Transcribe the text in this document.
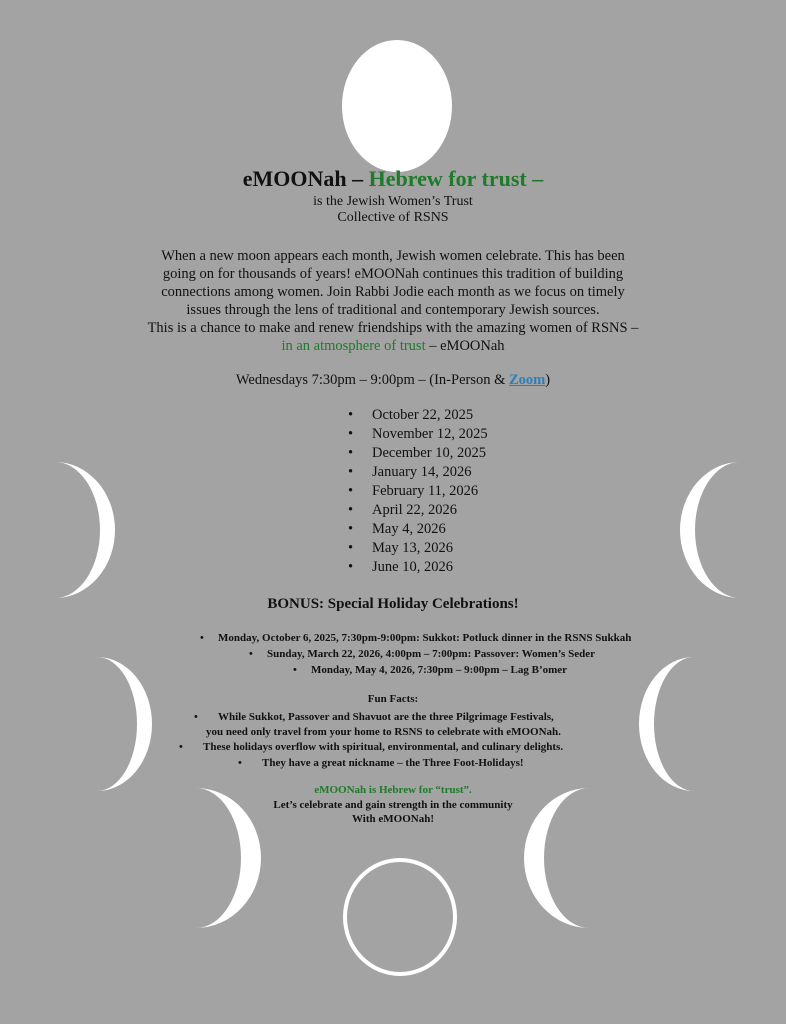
eMOONah – Hebrew for trust –

is the Jewish Women’s Trust
Collective of RSNS
When a new moon appears each month, Jewish women celebrate. This has been
going on for thousands of years! eMOONah continues this tradition of building
connections among women. Join Rabbi Jodie each month as we focus on timely
issues through the lens of traditional and contemporary Jewish sources.
This is a chance to make and renew friendships with the amazing women of RSNS –
in an atmosphere of trust – eMOONah
Wednesdays 7:30pm – 9:00pm – (In-Person & Zoom)
• October 22, 2025
• November 12, 2025
• December 10, 2025
• January 14, 2026
• February 11, 2026
• April 22, 2026
• May 4, 2026
• May 13, 2026
• June 10, 2026
BONUS: Special Holiday Celebrations!
• Monday, October 6, 2025, 7:30pm-9:00pm: Sukkot: Potluck dinner in the RSNS Sukkah
• Sunday, March 22, 2026, 4:00pm – 7:00pm: Passover: Women’s Seder
• Monday, May 4, 2026, 7:30pm – 9:00pm – Lag B’omer
Fun Facts:
• While Sukkot, Passover and Shavuot are the three Pilgrimage Festivals,
you need only travel from your home to RSNS to celebrate with eMOONah.
• These holidays overflow with spiritual, environmental, and culinary delights.
• They have a great nickname – the Three Foot-Holidays!
eMOONah is Hebrew for “trust”.
Let’s celebrate and gain strength in the community
With eMOONah!
